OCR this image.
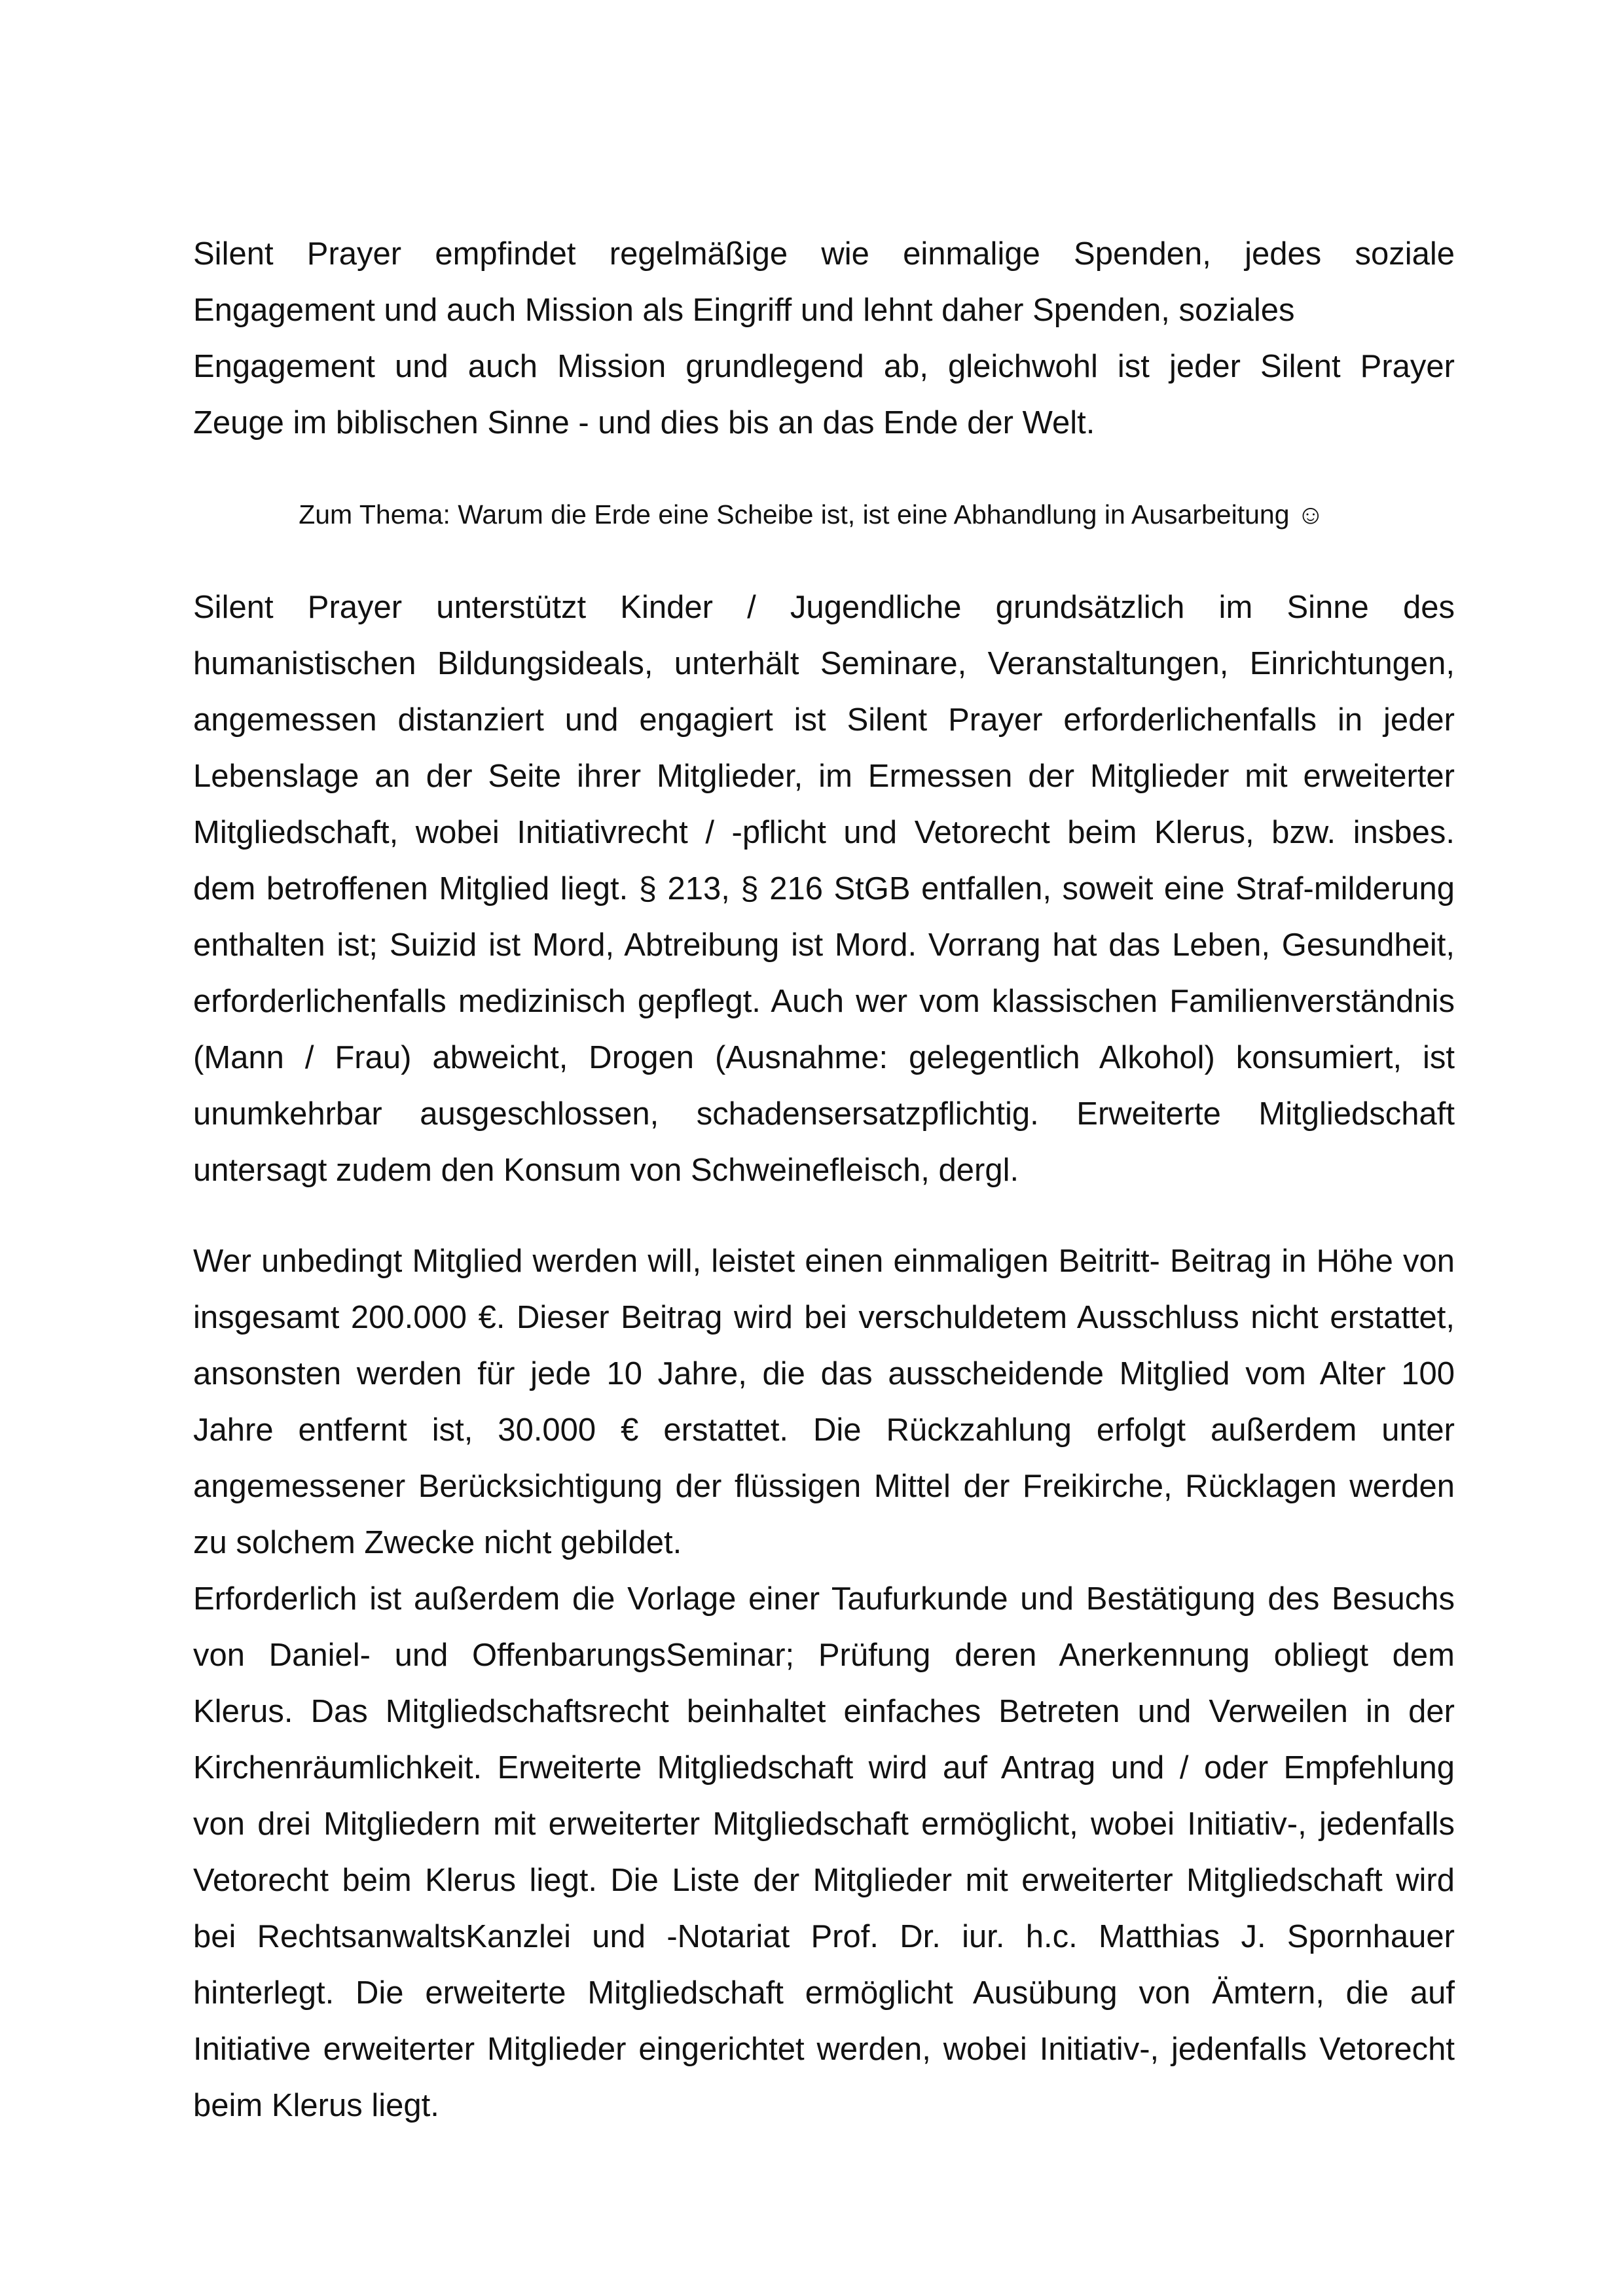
Silent Prayer empfindet regelmäßige wie einmalige Spenden, jedes soziale
Engagement und auch Mission als Eingriff und lehnt daher Spenden, soziales
Engagement und auch Mission grundlegend ab, gleichwohl ist jeder Silent Prayer
Zeuge im biblischen Sinne - und dies bis an das Ende der Welt.

Zum Thema: Warum die Erde eine Scheibe ist, ist eine Abhandlung in Ausarbeitung ☺

Silent Prayer unterstützt Kinder / Jugendliche grundsätzlich im Sinne des
humanistischen Bildungsideals, unterhält Seminare, Veranstaltungen, Einrichtungen,
angemessen distanziert und engagiert ist Silent Prayer erforderlichenfalls in jeder
Lebenslage an der Seite ihrer Mitglieder, im Ermessen der Mitglieder mit erweiterter
Mitgliedschaft, wobei Initiativrecht / -pflicht und Vetorecht beim Klerus, bzw. insbes.
dem betroffenen Mitglied liegt. § 213, § 216 StGB entfallen, soweit eine Straf-milderung
enthalten ist; Suizid ist Mord, Abtreibung ist Mord. Vorrang hat das Leben, Gesundheit,
erforderlichenfalls medizinisch gepflegt. Auch wer vom klassischen Familienverständnis
(Mann / Frau) abweicht, Drogen (Ausnahme: gelegentlich Alkohol) konsumiert, ist
unumkehrbar ausgeschlossen, schadensersatzpflichtig. Erweiterte Mitgliedschaft
untersagt zudem den Konsum von Schweinefleisch, dergl.
Wer unbedingt Mitglied werden will, leistet einen einmaligen Beitritt- Beitrag in Höhe von
insgesamt 200.000 €. Dieser Beitrag wird bei verschuldetem Ausschluss nicht erstattet,
ansonsten werden für jede 10 Jahre, die das ausscheidende Mitglied vom Alter 100
Jahre entfernt ist, 30.000 € erstattet. Die Rückzahlung erfolgt außerdem unter
angemessener Berücksichtigung der flüssigen Mittel der Freikirche, Rücklagen werden
zu solchem Zwecke nicht gebildet.
Erforderlich ist außerdem die Vorlage einer Taufurkunde und Bestätigung des Besuchs
von Daniel- und OffenbarungsSeminar; Prüfung deren Anerkennung obliegt dem
Klerus. Das Mitgliedschaftsrecht beinhaltet einfaches Betreten und Verweilen in der
Kirchenräumlichkeit. Erweiterte Mitgliedschaft wird auf Antrag und / oder Empfehlung
von drei Mitgliedern mit erweiterter Mitgliedschaft ermöglicht, wobei Initiativ-, jedenfalls
Vetorecht beim Klerus liegt. Die Liste der Mitglieder mit erweiterter Mitgliedschaft wird
bei RechtsanwaltsKanzlei und -Notariat Prof. Dr. iur. h.c. Matthias J. Spornhauer
hinterlegt. Die erweiterte Mitgliedschaft ermöglicht Ausübung von Ämtern, die auf
Initiative erweiterter Mitglieder eingerichtet werden, wobei Initiativ-, jedenfalls Vetorecht
beim Klerus liegt.
